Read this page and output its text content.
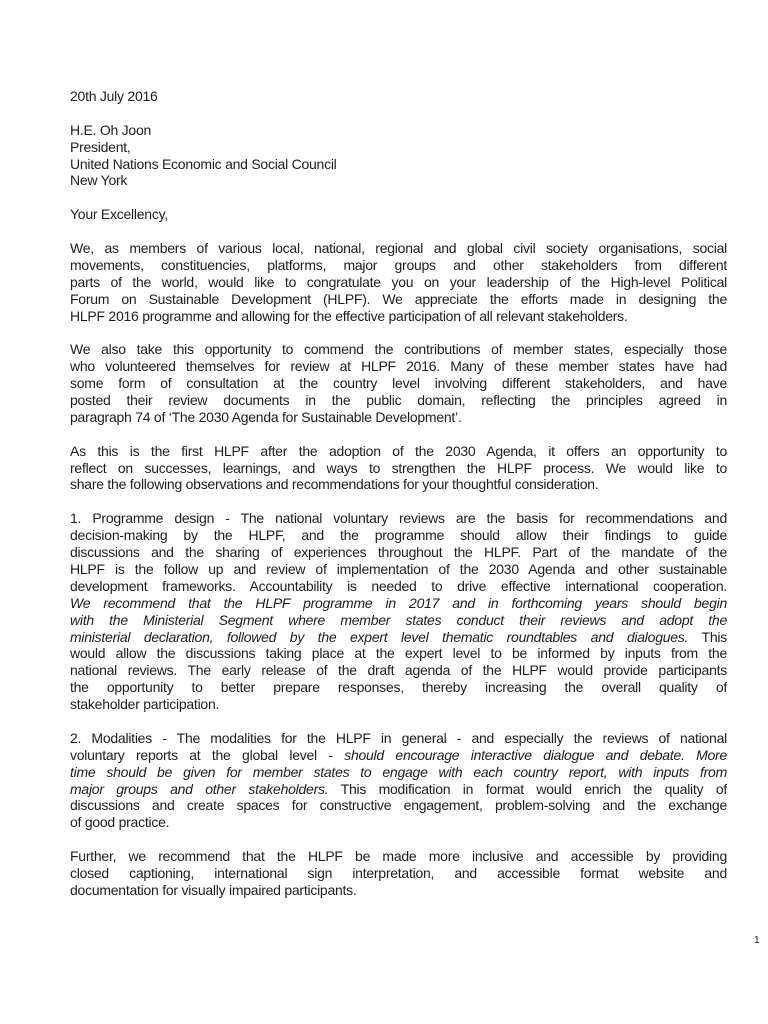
20th July 2016
H.E. Oh Joon
President,
United Nations Economic and Social Council
New York
Your Excellency,
We, as members of various local, national, regional and global civil society organisations, social
movements, constituencies, platforms, major groups and other stakeholders from different
parts of the world, would like to congratulate you on your leadership of the High-level Political
Forum on Sustainable Development (HLPF). We appreciate the efforts made in designing the
HLPF 2016 programme and allowing for the effective participation of all relevant stakeholders.
We also take this opportunity to commend the contributions of member states, especially those
who volunteered themselves for review at HLPF 2016. Many of these member states have had
some form of consultation at the country level involving different stakeholders, and have
posted their review documents in the public domain, reflecting the principles agreed in
paragraph 74 of ‘The 2030 Agenda for Sustainable Development’.
As this is the first HLPF after the adoption of the 2030 Agenda, it offers an opportunity to
reflect on successes, learnings, and ways to strengthen the HLPF process. We would like to
share the following observations and recommendations for your thoughtful consideration.
1. Programme design - The national voluntary reviews are the basis for recommendations and
decision-making by the HLPF, and the programme should allow their findings to guide
discussions and the sharing of experiences throughout the HLPF. Part of the mandate of the
HLPF is the follow up and review of implementation of the 2030 Agenda and other sustainable
development frameworks. Accountability is needed to drive effective international cooperation.
We recommend that the HLPF programme in 2017 and in forthcoming years should begin
with the Ministerial Segment where member states conduct their reviews and adopt the
ministerial declaration, followed by the expert level thematic roundtables and dialogues. This
would allow the discussions taking place at the expert level to be informed by inputs from the
national reviews. The early release of the draft agenda of the HLPF would provide participants
the opportunity to better prepare responses, thereby increasing the overall quality of
stakeholder participation.
2. Modalities - The modalities for the HLPF in general - and especially the reviews of national
voluntary reports at the global level - should encourage interactive dialogue and debate. More
time should be given for member states to engage with each country report, with inputs from
major groups and other stakeholders. This modification in format would enrich the quality of
discussions and create spaces for constructive engagement, problem-solving and the exchange
of good practice.
Further, we recommend that the HLPF be made more inclusive and accessible by providing
closed captioning, international sign interpretation, and accessible format website and
documentation for visually impaired participants.
1
